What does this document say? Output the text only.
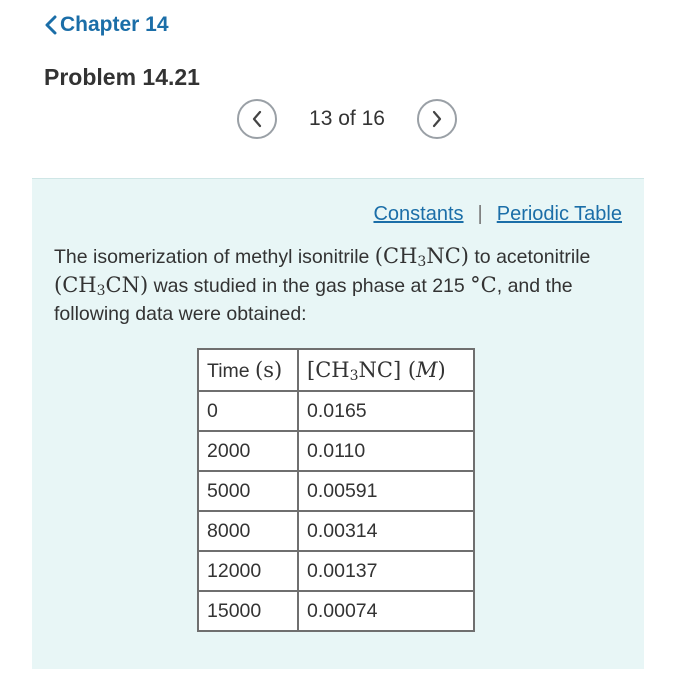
Chapter 14
Problem 14.21
13 of 16
Constants | Periodic Table
The isomerization of methyl isonitrile $(CH_3NC)$ to acetonitrile $(CH_3CN)$ was studied in the gas phase at 215 °C, and the following data were obtained:
Time (s)	$[CH_3NC]$ (M)
0	0.0165
2000	0.0110
5000	0.00591
8000	0.00314
12000	0.00137
15000	0.00074
